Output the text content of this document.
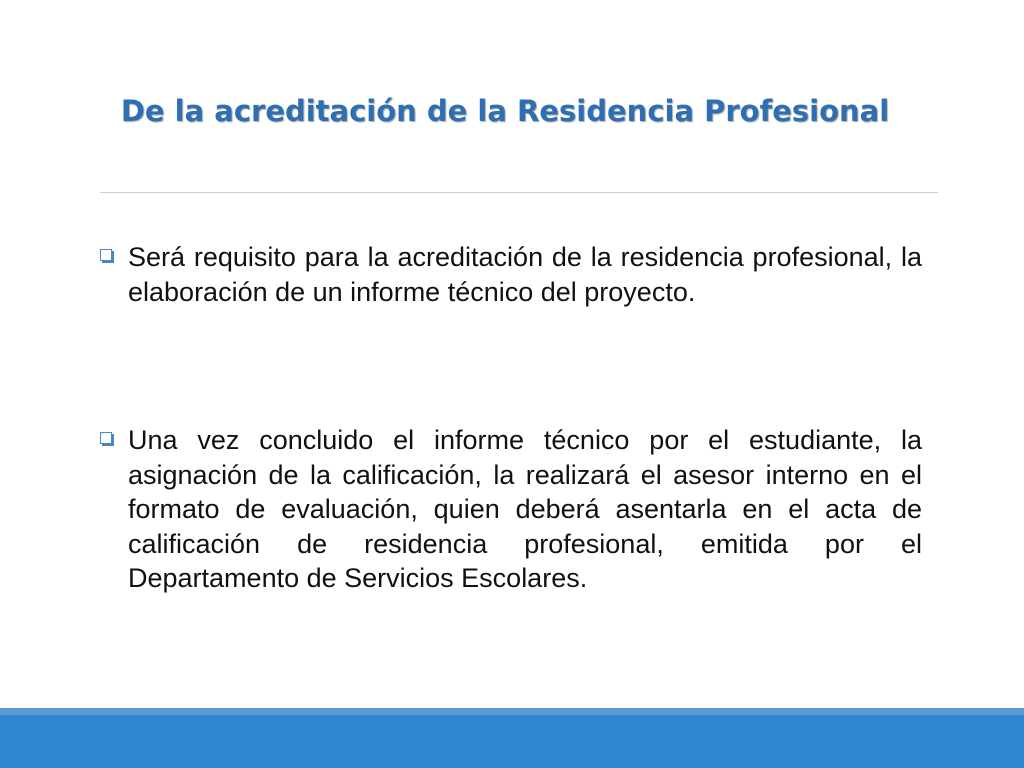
De la acreditación de la Residencia Profesional
Será requisito para la acreditación de la residencia profesional, la elaboración de un informe técnico del proyecto.
Una vez concluido el informe técnico por el estudiante, la asignación de la calificación, la realizará el asesor interno en el formato de evaluación, quien deberá asentarla en el acta de calificación de residencia profesional, emitida por el Departamento de Servicios Escolares.
